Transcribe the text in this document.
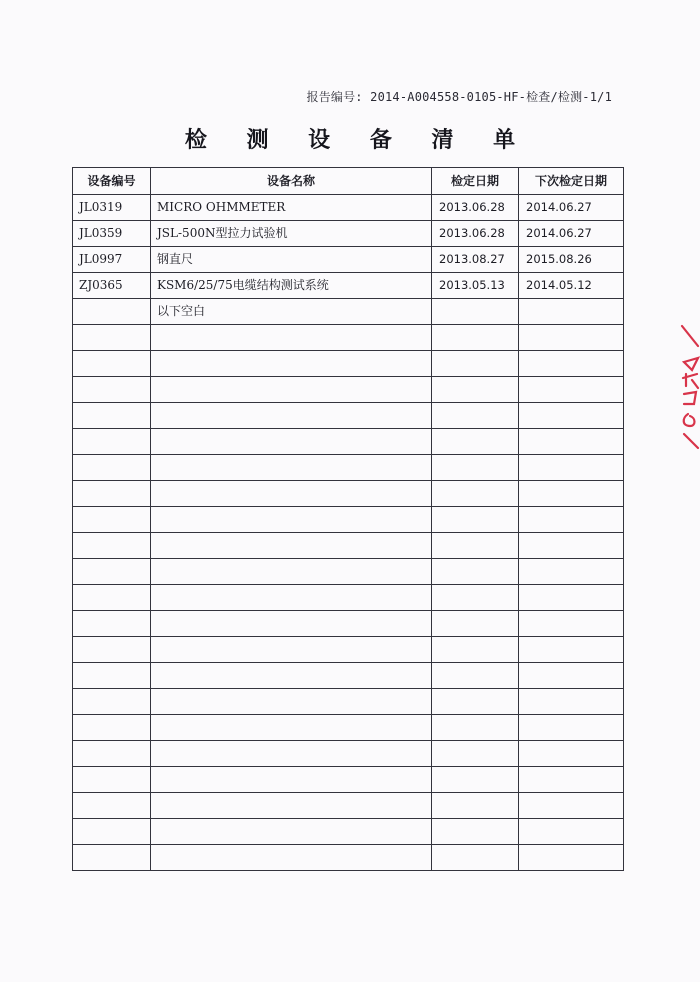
报告编号: 2014-A004558-0105-HF-检查/检测-1/1
检 测 设 备 清 单
设备编号	设备名称	检定日期	下次检定日期
JL0319	MICRO OHMMETER	2013.06.28	2014.06.27
JL0359	JSL-500N型拉力试验机	2013.06.28	2014.06.27
JL0997	钢直尺	2013.08.27	2015.08.26
ZJ0365	KSM6/25/75电缆结构测试系统	2013.05.13	2014.05.12
	以下空白		
